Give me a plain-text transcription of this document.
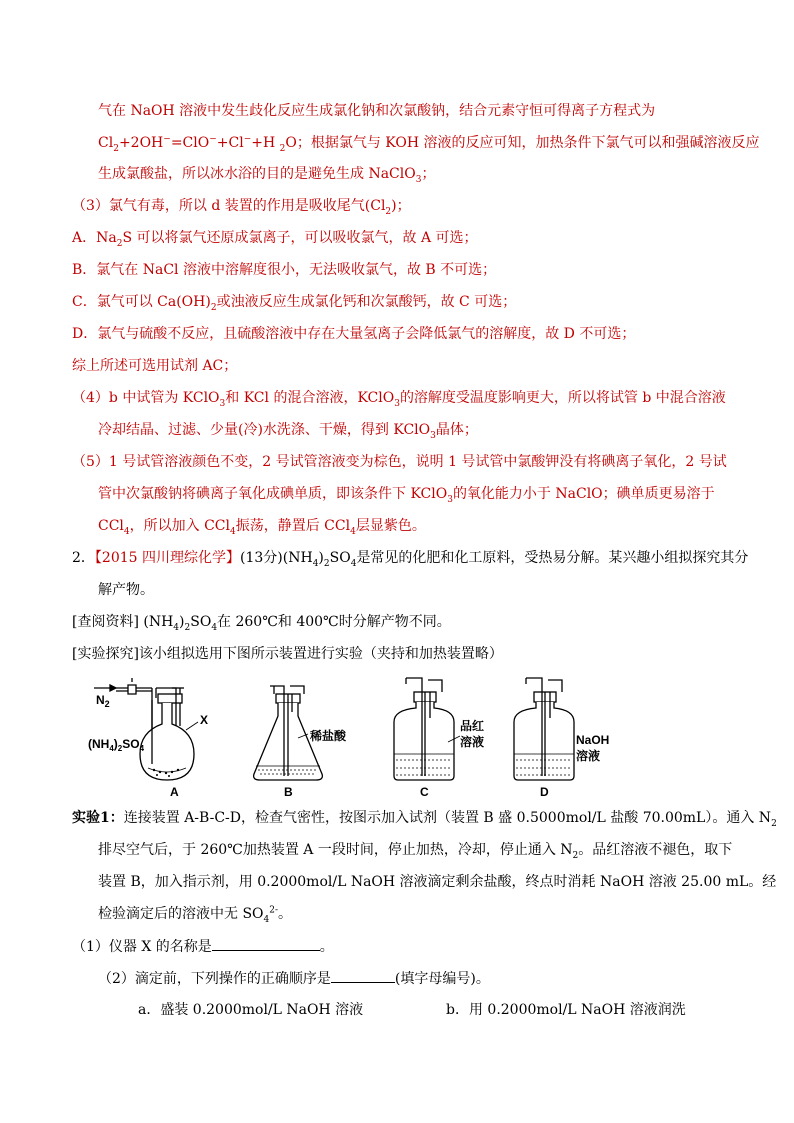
气在 NaOH 溶液中发生歧化反应生成氯化钠和次氯酸钠，结合元素守恒可得离子方程式为
$Cl_2+2OH^-=ClO^-+Cl^-+H$ $_2$O；根据氯气与 KOH 溶液的反应可知，加热条件下氯气可以和强碱溶液反应
生成氯酸盐，所以冰水浴的目的是避免生成 NaClO$_3$；
（3）氯气有毒，所以 d 装置的作用是吸收尾气$(Cl_2)$；
A．$Na_2S$ 可以将氯气还原成氯离子，可以吸收氯气，故 A 可选；
B．氯气在 NaCl 溶液中溶解度很小，无法吸收氯气，故 B 不可选；
C．氯气可以 $Ca(OH)_2$或浊液反应生成氯化钙和次氯酸钙，故 C 可选；
D．氯气与硫酸不反应，且硫酸溶液中存在大量氢离子会降低氯气的溶解度，故 D 不可选；
综上所述可选用试剂 AC；
（4）b 中试管为 KClO$_3$和 KCl 的混合溶液，KClO$_3$的溶解度受温度影响更大，所以将试管 b 中混合溶液
冷却结晶、过滤、少量(冷)水洗涤、干燥，得到 KClO$_3$晶体；
（5）1 号试管溶液颜色不变，2 号试管溶液变为棕色，说明 1 号试管中氯酸钾没有将碘离子氧化，2 号试
管中次氯酸钠将碘离子氧化成碘单质，即该条件下 KClO$_3$的氧化能力小于 NaClO；碘单质更易溶于
CCl$_4$，所以加入 CCl$_4$振荡，静置后 CCl$_4$层显紫色。
2．【2015 四川理综化学】(13分)$(NH_4)_2SO_4$是常见的化肥和化工原料，受热易分解。某兴趣小组拟探究其分
解产物。
[查阅资料] $(NH_4)_2SO_4$在 260℃和 400℃时分解产物不同。
[实验探究]该小组拟选用下图所示装置进行实验（夹持和加热装置略）
$N_2$
X
$(NH_4)_2SO_4$
稀盐酸
品红
溶液	NaOH
溶液
A	B	C	D
实验1：连接装置 A-B-C-D，检查气密性，按图示加入试剂（装置 B 盛 0.5000mol/L 盐酸 70.00mL）。通入 $N_2$
排尽空气后，于 260℃加热装置 A 一段时间，停止加热，冷却，停止通入 $N_2$。品红溶液不褪色，取下
装置 B，加入指示剂，用 0.2000mol/L NaOH 溶液滴定剩余盐酸，终点时消耗 NaOH 溶液 25.00 mL。经
检验滴定后的溶液中无 $SO_4^{2-}$。
（1）仪器 X 的名称是	。
（2）滴定前，下列操作的正确顺序是	(填字母编号)。
a．盛装 0.2000mol/L NaOH 溶液	b．用 0.2000mol/L NaOH 溶液润洗
